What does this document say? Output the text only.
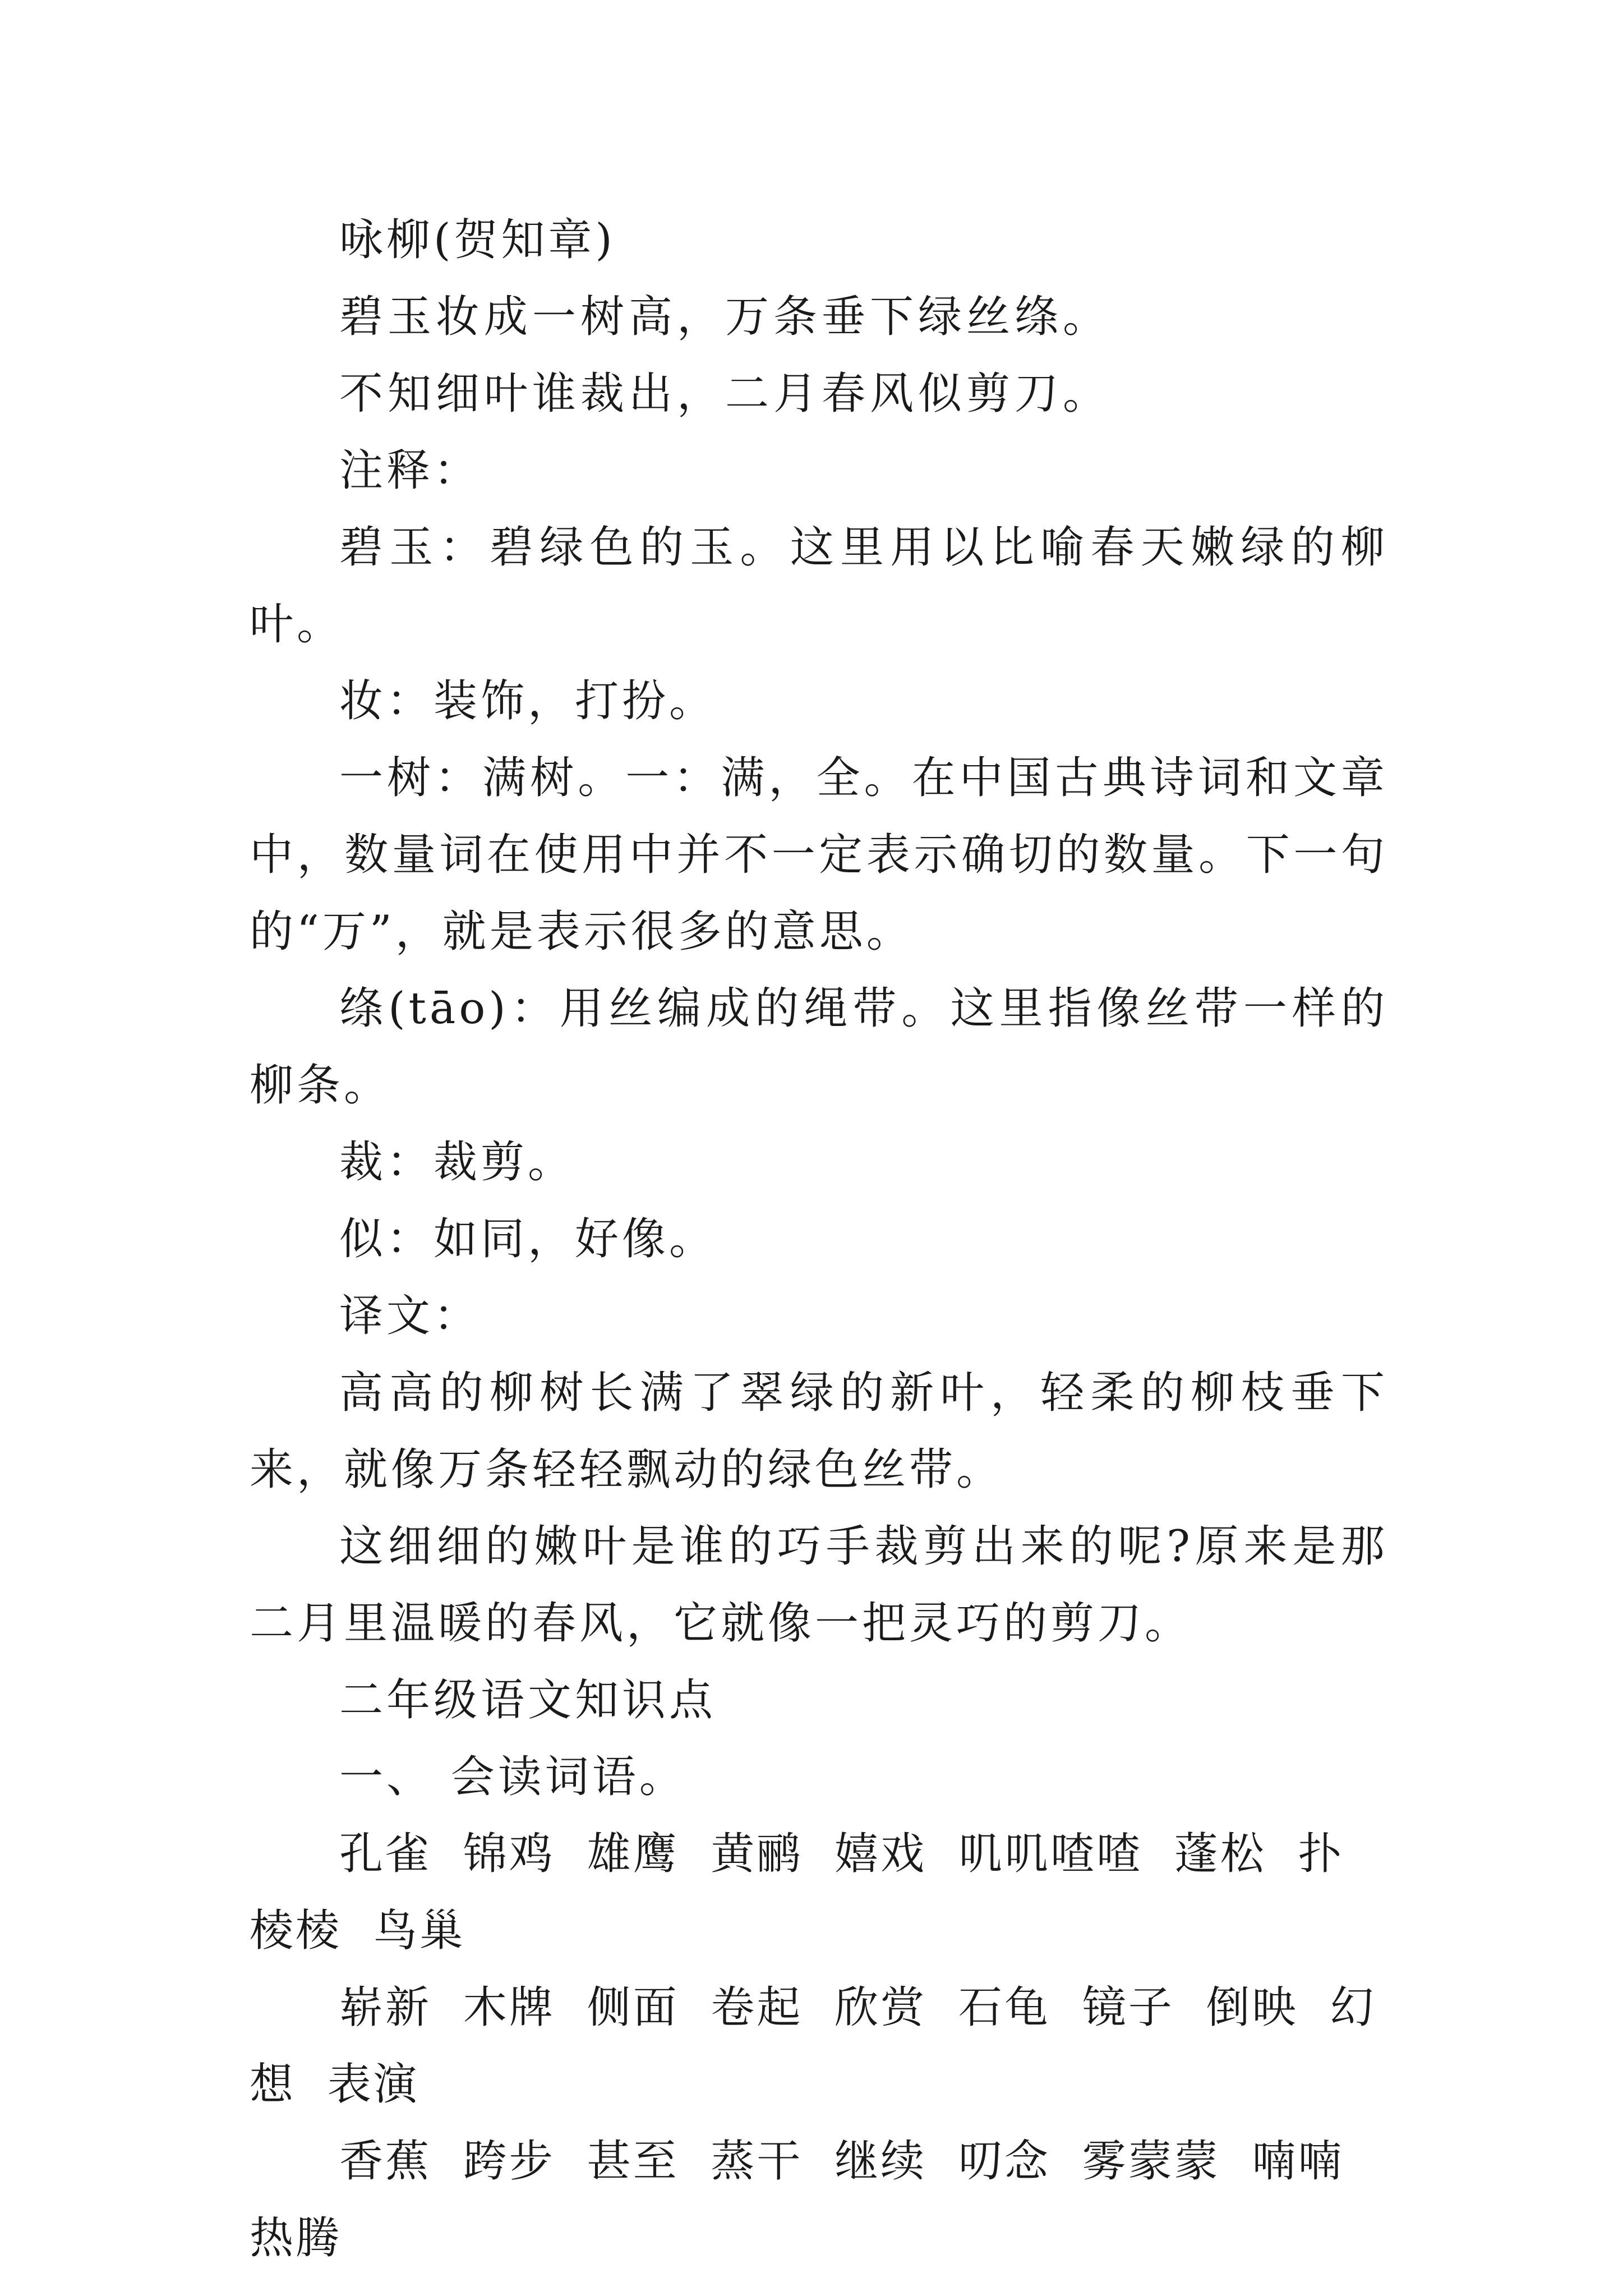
咏柳(贺知章)

碧玉妆成一树高，万条垂下绿丝绦。

不知细叶谁裁出，二月春风似剪刀。

注释：

碧玉：碧绿色的玉。这里用以比喻春天嫩绿的柳叶。

妆：装饰，打扮。

一树：满树。一：满，全。在中国古典诗词和文章中，数量词在使用中并不一定表示确切的数量。下一句的“万”，就是表示很多的意思。

绦(tāo)：用丝编成的绳带。这里指像丝带一样的柳条。

裁：裁剪。

似：如同，好像。

译文：

高高的柳树长满了翠绿的新叶，轻柔的柳枝垂下来，就像万条轻轻飘动的绿色丝带。

这细细的嫩叶是谁的巧手裁剪出来的呢?原来是那二月里温暖的春风，它就像一把灵巧的剪刀。

二年级语文知识点

一、 会读词语。

孔雀 锦鸡 雄鹰 黄鹂 嬉戏 叽叽喳喳 蓬松 扑棱棱 鸟巢

崭新 木牌 侧面 卷起 欣赏 石龟 镜子 倒映 幻想 表演

香蕉 跨步 甚至 蒸干 继续 叨念 雾蒙蒙 喃喃 热腾
